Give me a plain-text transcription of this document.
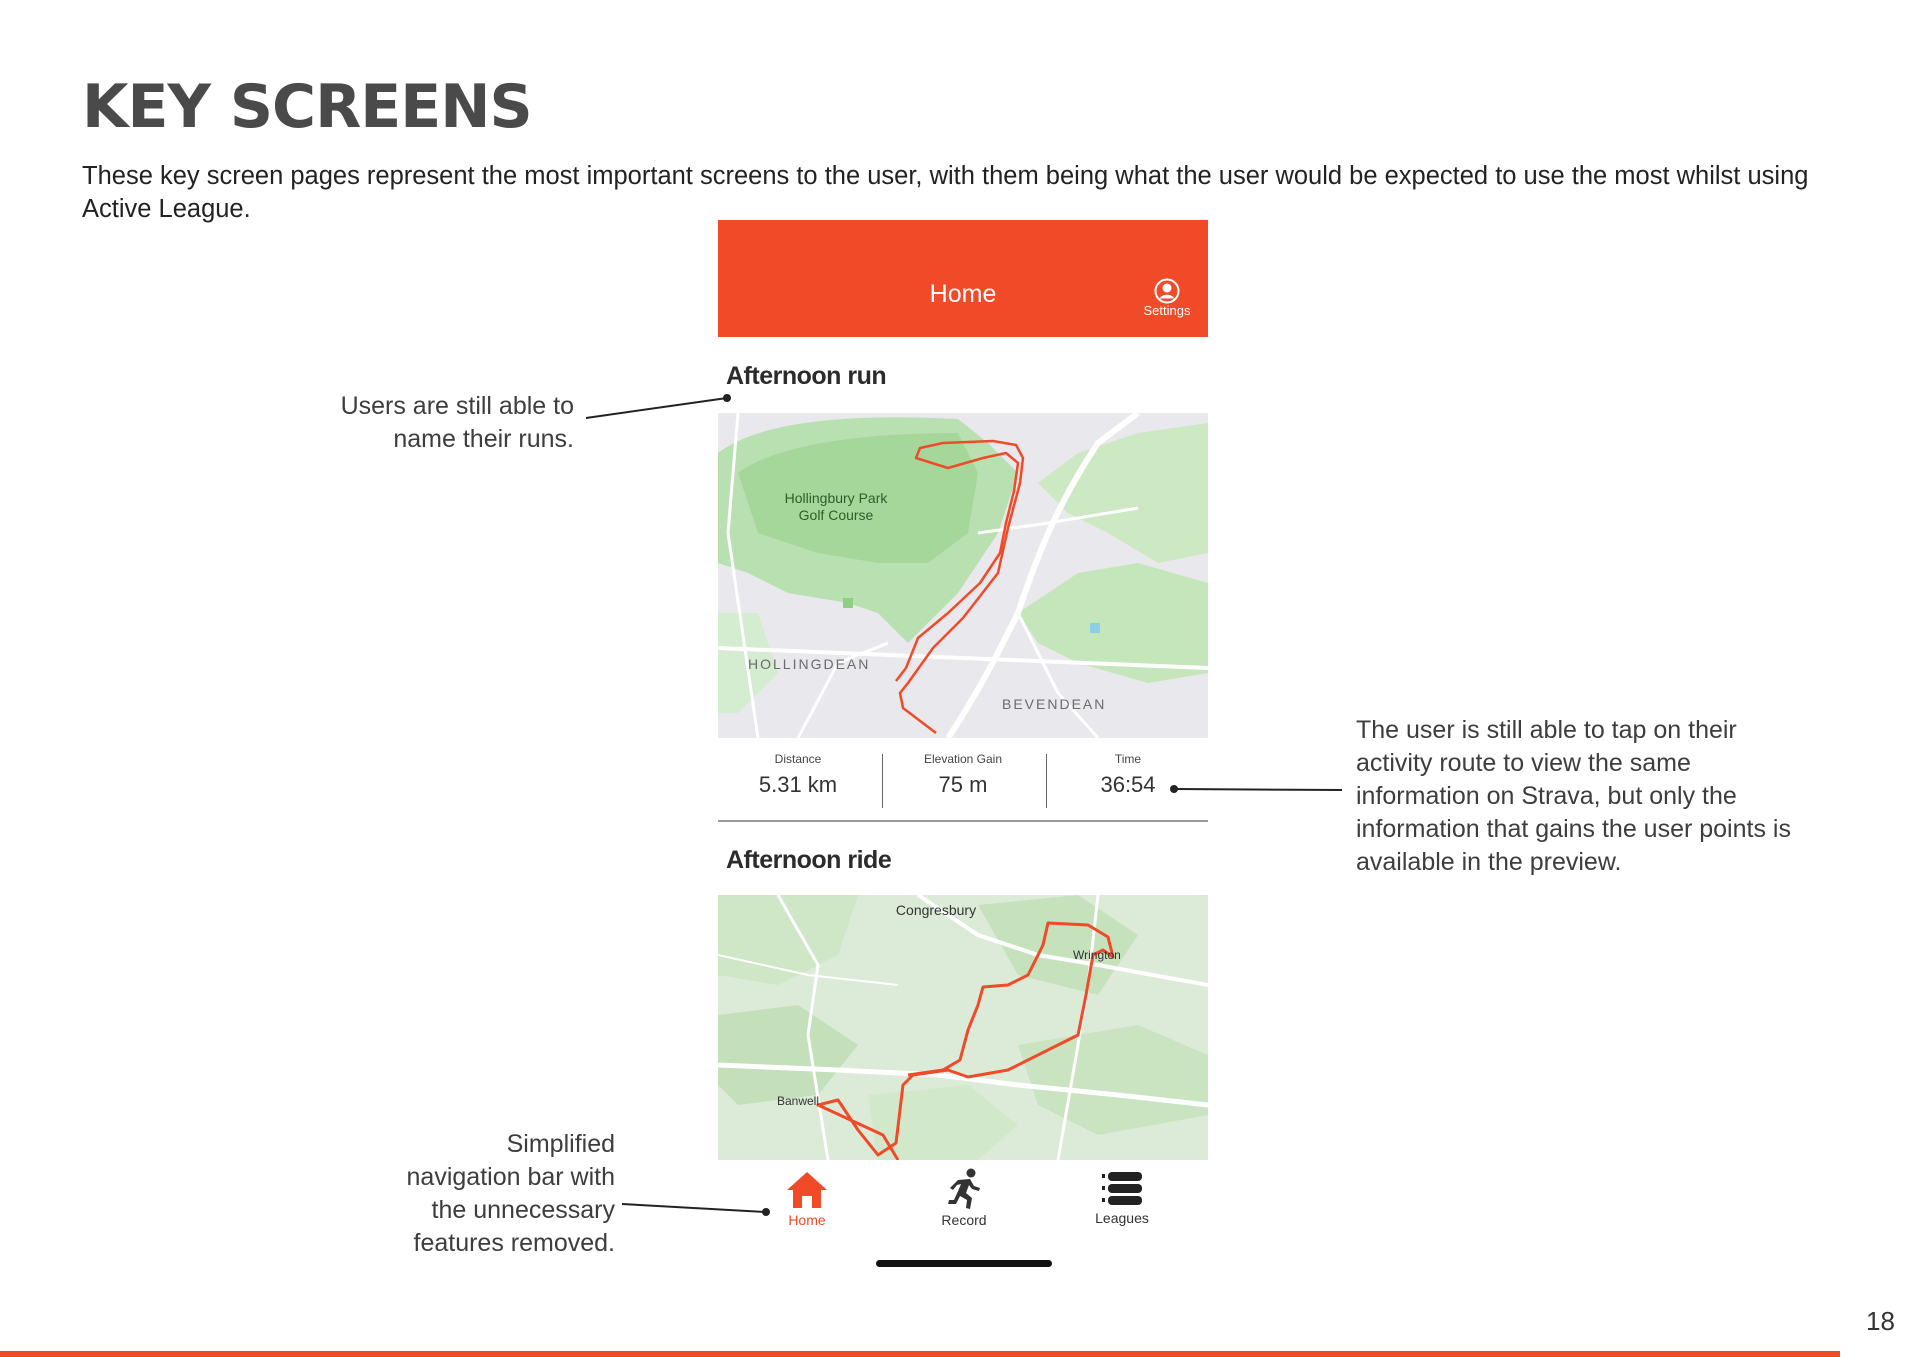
KEY SCREENS
These key screen pages represent the most important screens to the user, with them being what the user would be expected to use the most whilst using Active League.
Users are still able to
name their runs.
The user is still able to tap on their
activity route to view the same
information on Strava, but only the
information that gains the user points is
available in the preview.
Simplified
navigation bar with
the unnecessary
features removed.
Home
Settings
Afternoon run
Hollingbury Park
Golf Course
HOLLINGDEAN
BEVENDEAN
Distance
5.31 km
Elevation Gain
75 m
Time
36:54
Afternoon ride
Congresbury
Wrington
Banwell
Home	Record	Leagues
18
